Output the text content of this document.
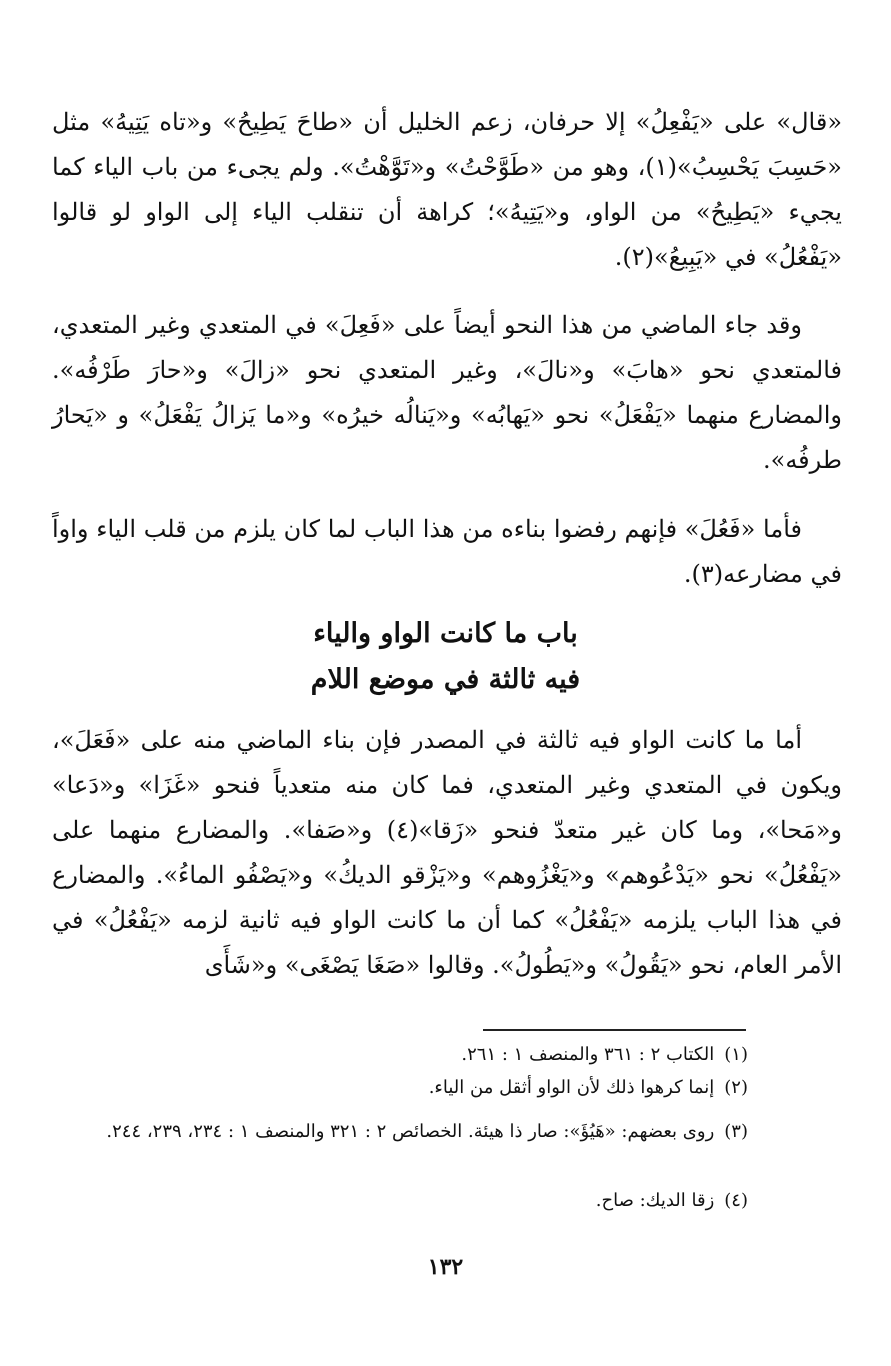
«قال» على «يَفْعِلُ» إلا حرفان، زعم الخليل أن «طاحَ يَطِيحُ» و«تاه يَتِيهُ» مثل «حَسِبَ يَحْسِبُ»(١)، وهو من «طَوَّحْتُ» و«تَوَّهْتُ». ولم يجىء من باب الياء كما يجيء «يَطِيحُ» من الواو، و«يَتِيهُ»؛ كراهة أن تنقلب الياء إلى الواو لو قالوا «يَفْعُلُ» في «يَبِيعُ»(٢).

وقد جاء الماضي من هذا النحو أيضاً على «فَعِلَ» في المتعدي وغير المتعدي، فالمتعدي نحو «هابَ» و«نالَ»، وغير المتعدي نحو «زالَ» و«حارَ طَرْفُه». والمضارع منهما «يَفْعَلُ» نحو «يَهابُه» و«يَنالُه خيرُه» و«ما يَزالُ يَفْعَلُ» و «يَحارُ طرفُه».

فأما «فَعُلَ» فإنهم رفضوا بناءه من هذا الباب لما كان يلزم من قلب الياء واواً في مضارعه(٣).

باب ما كانت الواو والياء
فيه ثالثة في موضع اللام

أما ما كانت الواو فيه ثالثة في المصدر فإن بناء الماضي منه على «فَعَلَ»، ويكون في المتعدي وغير المتعدي، فما كان منه متعدياً فنحو «غَزَا» و«دَعا» و«مَحا»، وما كان غير متعدّ فنحو «زَقا»(٤) و«صَفا». والمضارع منهما على «يَفْعُلُ» نحو «يَدْعُوهم» و«يَغْزُوهم» و«يَزْقو الديكُ» و«يَصْفُو الماءُ». والمضارع في هذا الباب يلزمه «يَفْعُلُ» كما أن ما كانت الواو فيه ثانية لزمه «يَفْعُلُ» في الأمر العام، نحو «يَقُولُ» و«يَطُولُ». وقالوا «صَغَا يَصْغَى» و«شَأَى

(١) الكتاب ٢ : ٣٦١ والمنصف ١ : ٢٦١.

(٢) إنما كرهوا ذلك لأن الواو أثقل من الياء.

(٣) روى بعضهم: «هَيُؤَ»: صار ذا هيئة. الخصائص ٢ : ٣٢١ والمنصف ١ : ٢٣٤، ٢٣٩، ٢٤٤.

(٤) زقا الديك: صاح.

١٣٢
